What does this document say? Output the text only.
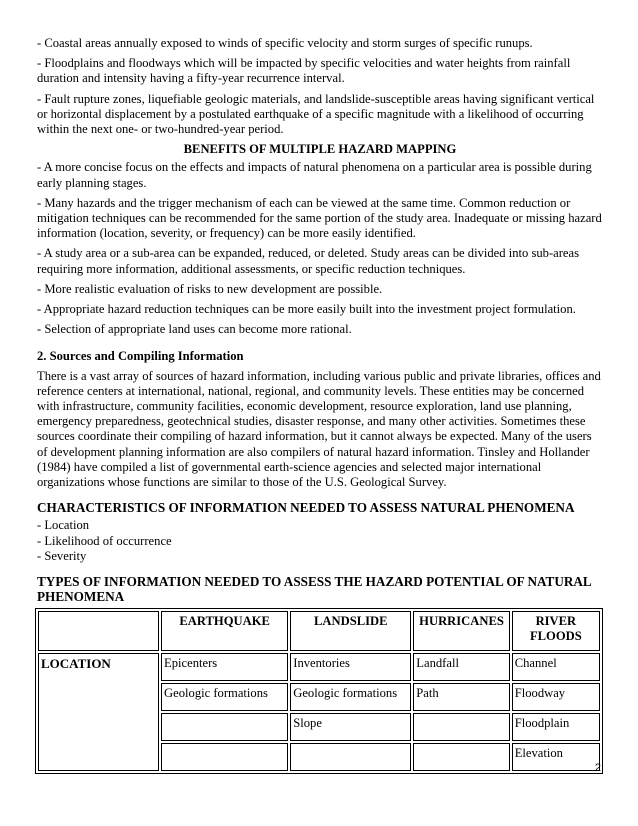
- Coastal areas annually exposed to winds of specific velocity and storm surges of specific runups.

- Floodplains and floodways which will be impacted by specific velocities and water heights from rainfall duration and intensity having a fifty-year recurrence interval.

- Fault rupture zones, liquefiable geologic materials, and landslide-susceptible areas having significant vertical or horizontal displacement by a postulated earthquake of a specific magnitude with a likelihood of occurring within the next one- or two-hundred-year period.

BENEFITS OF MULTIPLE HAZARD MAPPING

- A more concise focus on the effects and impacts of natural phenomena on a particular area is possible during early planning stages.

- Many hazards and the trigger mechanism of each can be viewed at the same time. Common reduction or mitigation techniques can be recommended for the same portion of the study area. Inadequate or missing hazard information (location, severity, or frequency) can be more easily identified.

- A study area or a sub-area can be expanded, reduced, or deleted. Study areas can be divided into sub-areas requiring more information, additional assessments, or specific reduction techniques.

- More realistic evaluation of risks to new development are possible.

- Appropriate hazard reduction techniques can be more easily built into the investment project formulation.

- Selection of appropriate land uses can become more rational.

2. Sources and Compiling Information

There is a vast array of sources of hazard information, including various public and private libraries, offices and reference centers at international, national, regional, and community levels. These entities may be concerned with infrastructure, community facilities, economic development, resource exploration, land use planning, emergency preparedness, geotechnical studies, disaster response, and many other activities. Sometimes these sources coordinate their compiling of hazard information, but it cannot always be expected. Many of the users of development planning information are also compilers of natural hazard information. Tinsley and Hollander (1984) have compiled a list of governmental earth-science agencies and selected major international organizations whose functions are similar to those of the U.S. Geological Survey.

CHARACTERISTICS OF INFORMATION NEEDED TO ASSESS NATURAL PHENOMENA
- Location
- Likelihood of occurrence
- Severity
TYPES OF INFORMATION NEEDED TO ASSESS THE HAZARD POTENTIAL OF NATURAL PHENOMENA
	EARTHQUAKE	LANDSLIDE	HURRICANES	RIVER FLOODS
LOCATION	Epicenters	Inventories	Landfall	Channel
	Geologic formations	Geologic formations	Path	Floodway
		Slope		Floodplain
				Elevation
2
